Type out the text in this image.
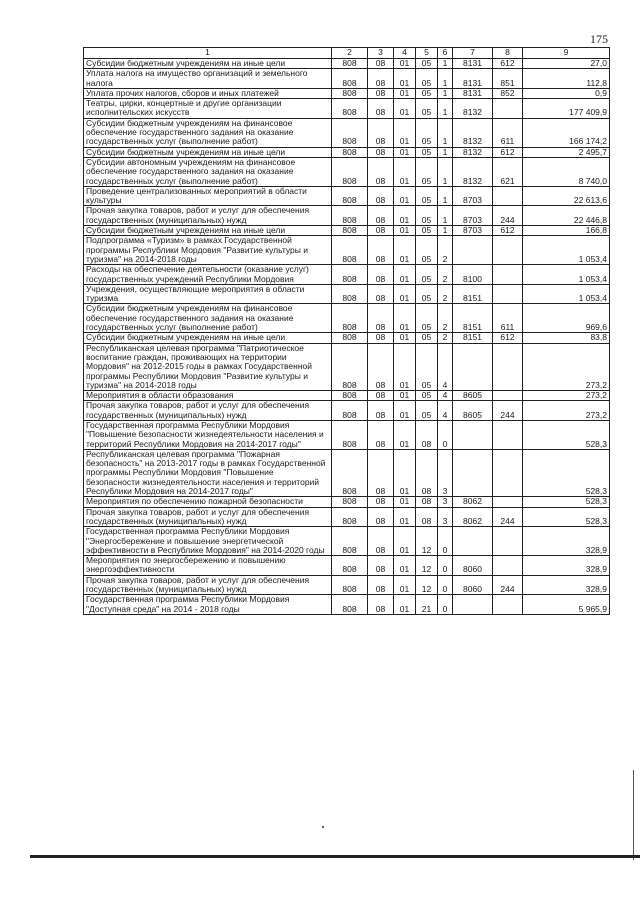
175
1	2	3	4	5	6	7	8	9
Субсидии бюджетным учреждениям на иные цели	808	08	01	05	1	8131	612	27,0
Уплата налога на имущество организаций и земельного налога	808	08	01	05	1	8131	851	112,8
Уплата прочих налогов, сборов и иных платежей	808	08	01	05	1	8131	852	0,9
Театры, цирки, концертные и другие организации исполнительских искусств	808	08	01	05	1	8132		177 409,9
Субсидии бюджетным учреждениям на финансовое обеспечение государственного задания на оказание государственных услуг (выполнение работ)	808	08	01	05	1	8132	611	166 174,2
Субсидии бюджетным учреждениям на иные цели	808	08	01	05	1	8132	612	2 495,7
Субсидии автономным учреждениям на финансовое обеспечение государственного задания на оказание государственных услуг (выполнение работ)	808	08	01	05	1	8132	621	8 740,0
Проведение централизованных мероприятий в области культуры	808	08	01	05	1	8703		22 613,6
Прочая закупка товаров, работ и услуг для обеспечения государственных (муниципальных) нужд	808	08	01	05	1	8703	244	22 446,8
Субсидии бюджетным учреждениям на иные цели	808	08	01	05	1	8703	612	166,8
Подпрограмма «Туризм» в рамках Государственной программы Республики Мордовия "Развитие культуры и туризма" на 2014-2018 годы	808	08	01	05	2			1 053,4
Расходы на обеспечение деятельности (оказание услуг) государственных учреждений Республики Мордовия	808	08	01	05	2	8100		1 053,4
Учреждения, осуществляющие мероприятия в области туризма	808	08	01	05	2	8151		1 053,4
Субсидии бюджетным учреждениям на финансовое обеспечение государственного задания на оказание государственных услуг (выполнение работ)	808	08	01	05	2	8151	611	969,6
Субсидии бюджетным учреждениям на иные цели	808	08	01	05	2	8151	612	83,8
Республиканская целевая программа "Патриотическое воспитание граждан, проживающих на территории Мордовия" на 2012-2015 годы в рамках Государственной программы Республики Мордовия "Развитие культуры и туризма" на 2014-2018 годы	808	08	01	05	4			273,2
Мероприятия в области образования	808	08	01	05	4	8605		273,2
Прочая закупка товаров, работ и услуг для обеспечения государственных (муниципальных) нужд	808	08	01	05	4	8605	244	273,2
Государственная программа Республики Мордовия "Повышение безопасности жизнедеятельности населения и территорий Республики Мордовия на 2014-2017 годы"	808	08	01	08	0			528,3
Республиканская целевая программа "Пожарная безопасность" на 2013-2017 годы в рамках Государственной программы Республики Мордовия "Повышение безопасности жизнедеятельности населения и территорий Республики Мордовия на 2014-2017 годы"	808	08	01	08	3			528,3
Мероприятия по обеспечению пожарной безопасности	808	08	01	08	3	8062		528,3
Прочая закупка товаров, работ и услуг для обеспечения государственных (муниципальных) нужд	808	08	01	08	3	8062	244	528,3
Государственная программа Республики Мордовия "Энергосбережение и повышение энергетической эффективности в Республике Мордовия" на 2014-2020 годы	808	08	01	12	0			328,9
Мероприятия по энергосбережению и повышению энергоэффективности	808	08	01	12	0	8060		328,9
Прочая закупка товаров, работ и услуг для обеспечения государственных (муниципальных) нужд	808	08	01	12	0	8060	244	328,9
Государственная программа Республики Мордовия "Доступная среда" на 2014 - 2018 годы	808	08	01	21	0			5 965,9
